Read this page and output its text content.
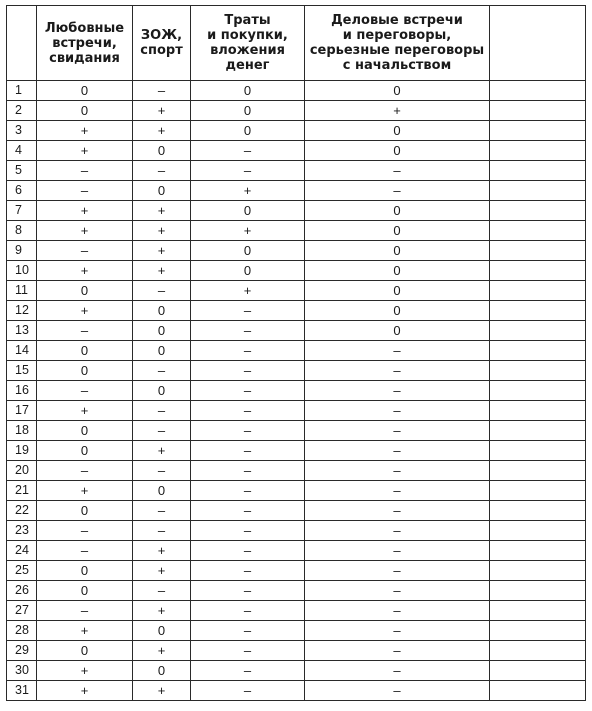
	Любовные
встречи,
свидания	ЗОЖ,
спорт	Траты
и покупки,
вложения
денег	Деловые встречи
и переговоры,
серьезные переговоры
с начальством	
1	0	–	0	0	
2	0	+	0	+	
3	+	+	0	0	
4	+	0	–	0	
5	–	–	–	–	
6	–	0	+	–	
7	+	+	0	0	
8	+	+	+	0	
9	–	+	0	0	
10	+	+	0	0	
11	0	–	+	0	
12	+	0	–	0	
13	–	0	–	0	
14	0	0	–	–	
15	0	–	–	–	
16	–	0	–	–	
17	+	–	–	–	
18	0	–	–	–	
19	0	+	–	–	
20	–	–	–	–	
21	+	0	–	–	
22	0	–	–	–	
23	–	–	–	–	
24	–	+	–	–	
25	0	+	–	–	
26	0	–	–	–	
27	–	+	–	–	
28	+	0	–	–	
29	0	+	–	–	
30	+	0	–	–	
31	+	+	–	–	
